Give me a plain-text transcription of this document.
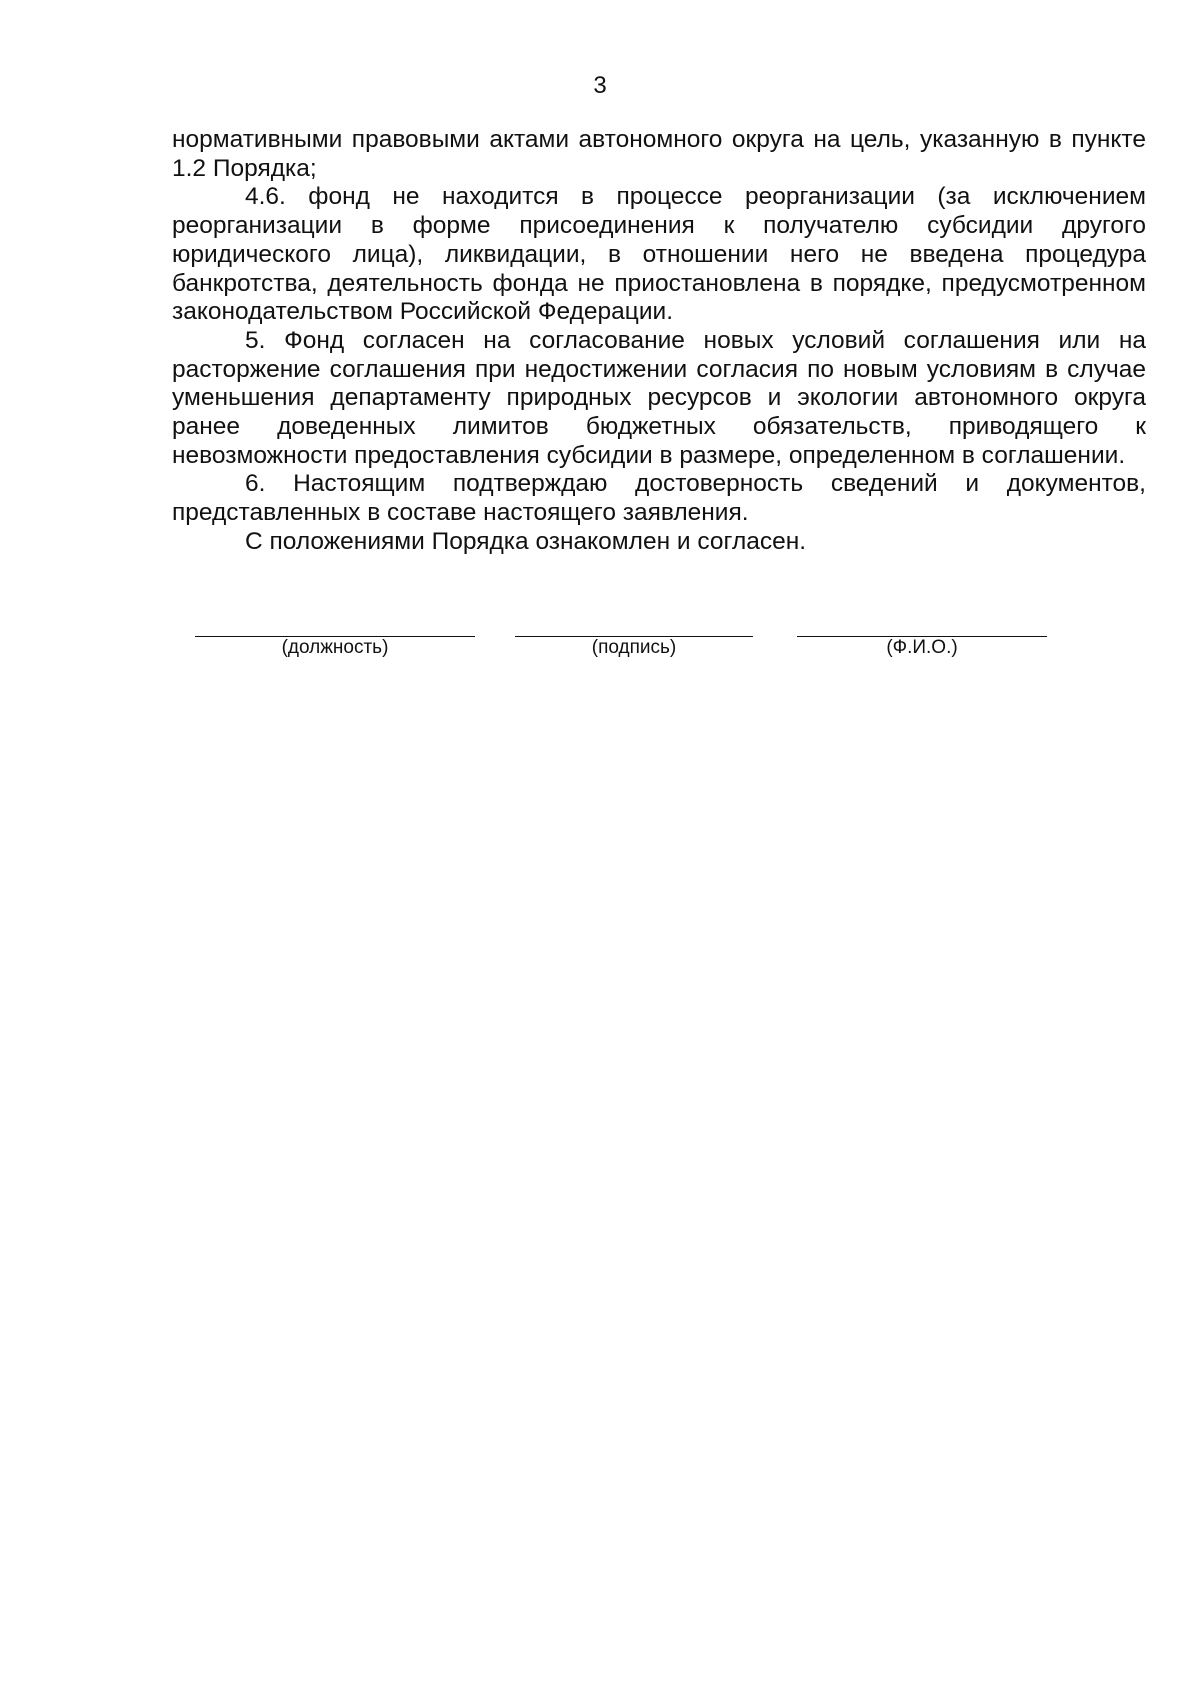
3

нормативными правовыми актами автономного округа на цель, указанную в пункте 1.2 Порядка;

4.6. фонд не находится в процессе реорганизации (за исключением реорганизации в форме присоединения к получателю субсидии другого юридического лица), ликвидации, в отношении него не введена процедура банкротства, деятельность фонда не приостановлена в порядке, предусмотренном законодательством Российской Федерации.

5. Фонд согласен на согласование новых условий соглашения или на расторжение соглашения при недостижении согласия по новым условиям в случае уменьшения департаменту природных ресурсов и экологии автономного округа ранее доведенных лимитов бюджетных обязательств, приводящего к невозможности предоставления субсидии в размере, определенном в соглашении.

6. Настоящим подтверждаю достоверность сведений и документов, представленных в составе настоящего заявления.

С положениями Порядка ознакомлен и согласен.

(должность)	(подпись)	(Ф.И.О.)
